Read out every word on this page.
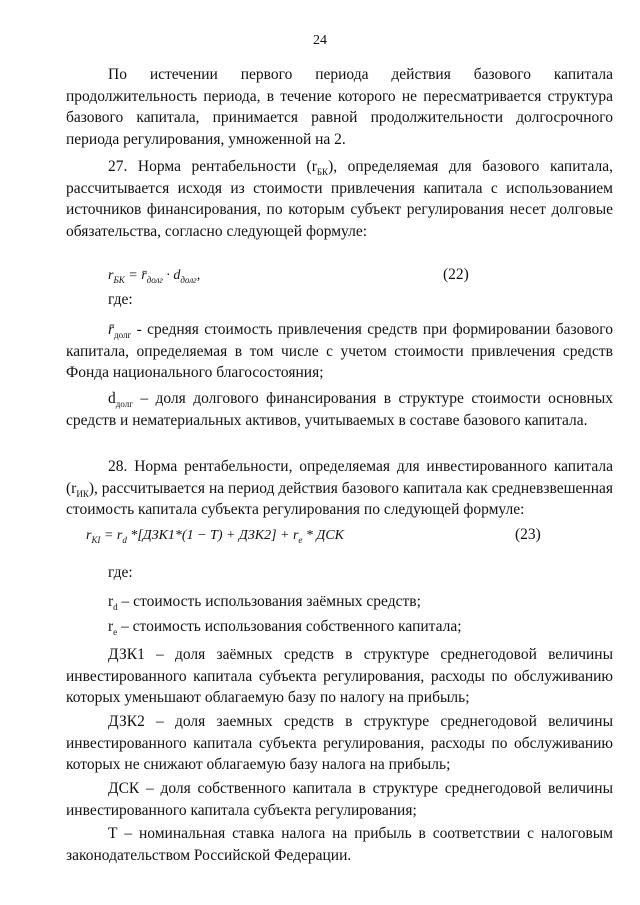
24

По истечении первого периода действия базового капитала продолжительность периода, в течение которого не пересматривается структура базового капитала, принимается равной продолжительности долгосрочного периода регулирования, умноженной на 2.

27. Норма рентабельности $(r_{БК})$, определяемая для базового капитала, рассчитывается исходя из стоимости привлечения капитала с использованием источников финансирования, по которым субъект регулирования несет долговые обязательства, согласно следующей формуле:

$r_{БК}$ = $r̄_{долг} \cdot d_{долг}$,	(22)
где:

$r̄_{долг}$ - средняя стоимость привлечения средств при формировании базового капитала, определяемая в том числе с учетом стоимости привлечения средств Фонда национального благосостояния;

$d_{долг}$ – доля долгового финансирования в структуре стоимости основных средств и нематериальных активов, учитываемых в составе базового капитала.

28. Норма рентабельности, определяемая для инвестированного капитала $(r_{ИК})$, рассчитывается на период действия базового капитала как средневзвешенная стоимость капитала субъекта регулирования по следующей формуле:

$r_{КI} = r_d$ $*[ДЗК1*(1 - T) + ДЗК2] + r_e$ * ДСК	(23)
где:
$r_d$ – стоимость использования заёмных средств;
$r_e$ – стоимость использования собственного капитала;

ДЗК1 – доля заёмных средств в структуре среднегодовой величины инвестированного капитала субъекта регулирования, расходы по обслуживанию которых уменьшают облагаемую базу по налогу на прибыль;

ДЗК2 – доля заемных средств в структуре среднегодовой величины инвестированного капитала субъекта регулирования, расходы по обслуживанию которых не снижают облагаемую базу налога на прибыль;

ДСК – доля собственного капитала в структуре среднегодовой величины инвестированного капитала субъекта регулирования;

Т – номинальная ставка налога на прибыль в соответствии с налоговым законодательством Российской Федерации.
